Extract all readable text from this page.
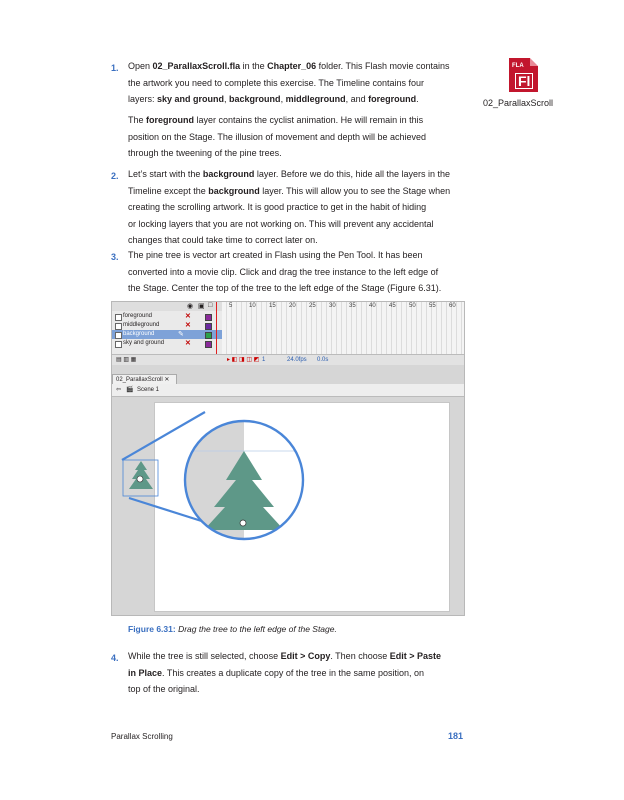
1. Open 02_ParallaxScroll.fla in the Chapter_06 folder. This Flash movie contains
the artwork you need to complete this exercise. The Timeline contains four
layers: sky and ground, background, middleground, and foreground.
The foreground layer contains the cyclist animation. He will remain in this
position on the Stage. The illusion of movement and depth will be achieved
through the tweening of the pine trees.
FLA
Fl
02_ParallaxScroll
2. Let’s start with the background layer. Before we do this, hide all the layers in the
Timeline except the background layer. This will allow you to see the Stage when
creating the scrolling artwork. It is good practice to get in the habit of hiding
or locking layers that you are not working on. This will prevent any accidental
changes that could take time to correct later on.
3. The pine tree is vector art created in Flash using the Pen Tool. It has been
converted into a movie clip. Click and drag the tree instance to the left edge of
the Stage. Center the top of the tree to the left edge of the Stage (Figure 6.31).
◉ ▣ □
foreground	✕
middleground	✕
background	✎
sky and ground	✕
5	10 15 20 25 30 35 40 45 50 55 60
▤ ▥ ▦	▸ ◧ ◨ ◫ ◩ 1	24.0fps 0.0s
02_ParallaxScroll ✕
⇦ 🎬 Scene 1
Figure 6.31: Drag the tree to the left edge of the Stage.
4. While the tree is still selected, choose Edit > Copy. Then choose Edit > Paste
in Place. This creates a duplicate copy of the tree in the same position, on
top of the original.
Parallax Scrolling	181
